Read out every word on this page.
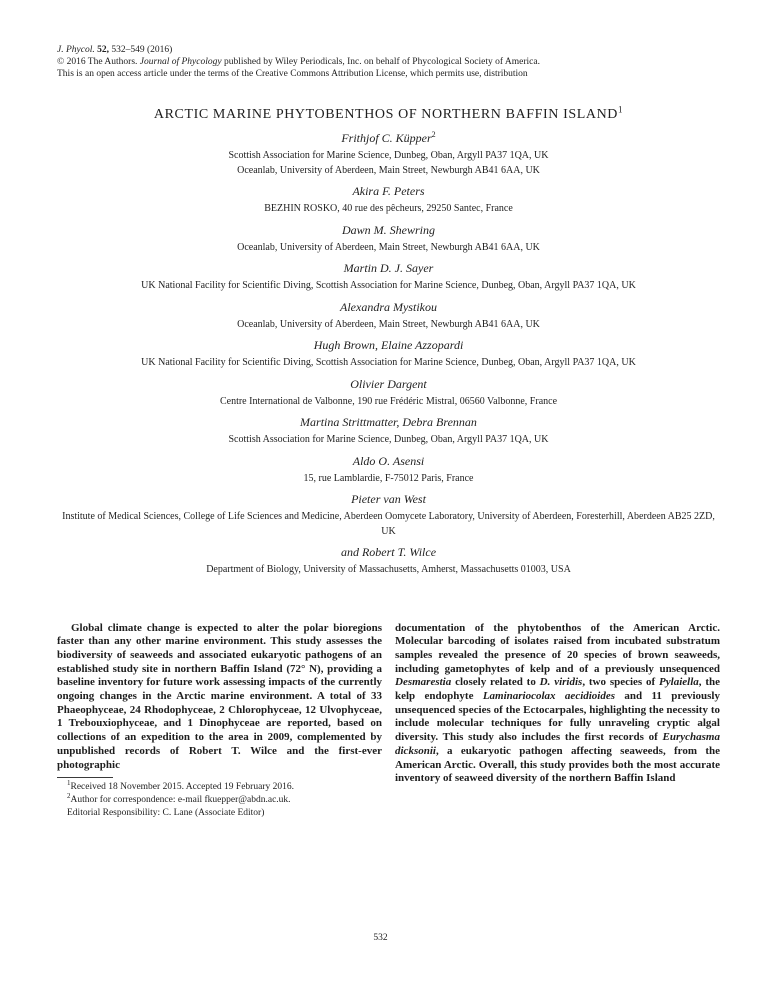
J. Phycol. 52, 532–549 (2016)
© 2016 The Authors. Journal of Phycology published by Wiley Periodicals, Inc. on behalf of Phycological Society of America.
This is an open access article under the terms of the Creative Commons Attribution License, which permits use, distribution
ARCTIC MARINE PHYTOBENTHOS OF NORTHERN BAFFIN ISLAND$^1$
Frithjof C. Küpper$^2$
Scottish Association for Marine Science, Dunbeg, Oban, Argyll PA37 1QA, UK
Oceanlab, University of Aberdeen, Main Street, Newburgh AB41 6AA, UK
Akira F. Peters
BEZHIN ROSKO, 40 rue des pêcheurs, 29250 Santec, France
Dawn M. Shewring
Oceanlab, University of Aberdeen, Main Street, Newburgh AB41 6AA, UK
Martin D. J. Sayer
UK National Facility for Scientific Diving, Scottish Association for Marine Science, Dunbeg, Oban, Argyll PA37 1QA, UK
Alexandra Mystikou
Oceanlab, University of Aberdeen, Main Street, Newburgh AB41 6AA, UK
Hugh Brown, Elaine Azzopardi
UK National Facility for Scientific Diving, Scottish Association for Marine Science, Dunbeg, Oban, Argyll PA37 1QA, UK
Olivier Dargent
Centre International de Valbonne, 190 rue Frédéric Mistral, 06560 Valbonne, France
Martina Strittmatter, Debra Brennan
Scottish Association for Marine Science, Dunbeg, Oban, Argyll PA37 1QA, UK
Aldo O. Asensi
15, rue Lamblardie, F-75012 Paris, France
Pieter van West
Institute of Medical Sciences, College of Life Sciences and Medicine, Aberdeen Oomycete Laboratory, University of Aberdeen, Foresterhill, Aberdeen AB25 2ZD, UK
and Robert T. Wilce
Department of Biology, University of Massachusetts, Amherst, Massachusetts 01003, USA

Global climate change is expected to alter the polar bioregions faster than any other marine environment. This study assesses the biodiversity of seaweeds and associated eukaryotic pathogens of an established study site in northern Baffin Island (72° N), providing a baseline inventory for future work assessing impacts of the currently ongoing changes in the Arctic marine environment. A total of 33 Phaeophyceae, 24 Rhodophyceae, 2 Chlorophyceae, 12 Ulvophyceae, 1 Trebouxiophyceae, and 1 Dinophyceae are reported, based on collections of an expedition to the area in 2009, complemented by unpublished records of Robert T. Wilce and the first-ever photographic

$^1$Received 18 November 2015. Accepted 19 February 2016.
$^2$Author for correspondence: e-mail fkuepper@abdn.ac.uk.
Editorial Responsibility: C. Lane (Associate Editor)

documentation of the phytobenthos of the American Arctic. Molecular barcoding of isolates raised from incubated substratum samples revealed the presence of 20 species of brown seaweeds, including gametophytes of kelp and of a previously unsequenced Desmarestia closely related to D. viridis, two species of Pylaiella, the kelp endophyte Laminariocolax aecidioides and 11 previously unsequenced species of the Ectocarpales, highlighting the necessity to include molecular techniques for fully unraveling cryptic algal diversity. This study also includes the first records of Eurychasma dicksonii, a eukaryotic pathogen affecting seaweeds, from the American Arctic. Overall, this study provides both the most accurate inventory of seaweed diversity of the northern Baffin Island

532
